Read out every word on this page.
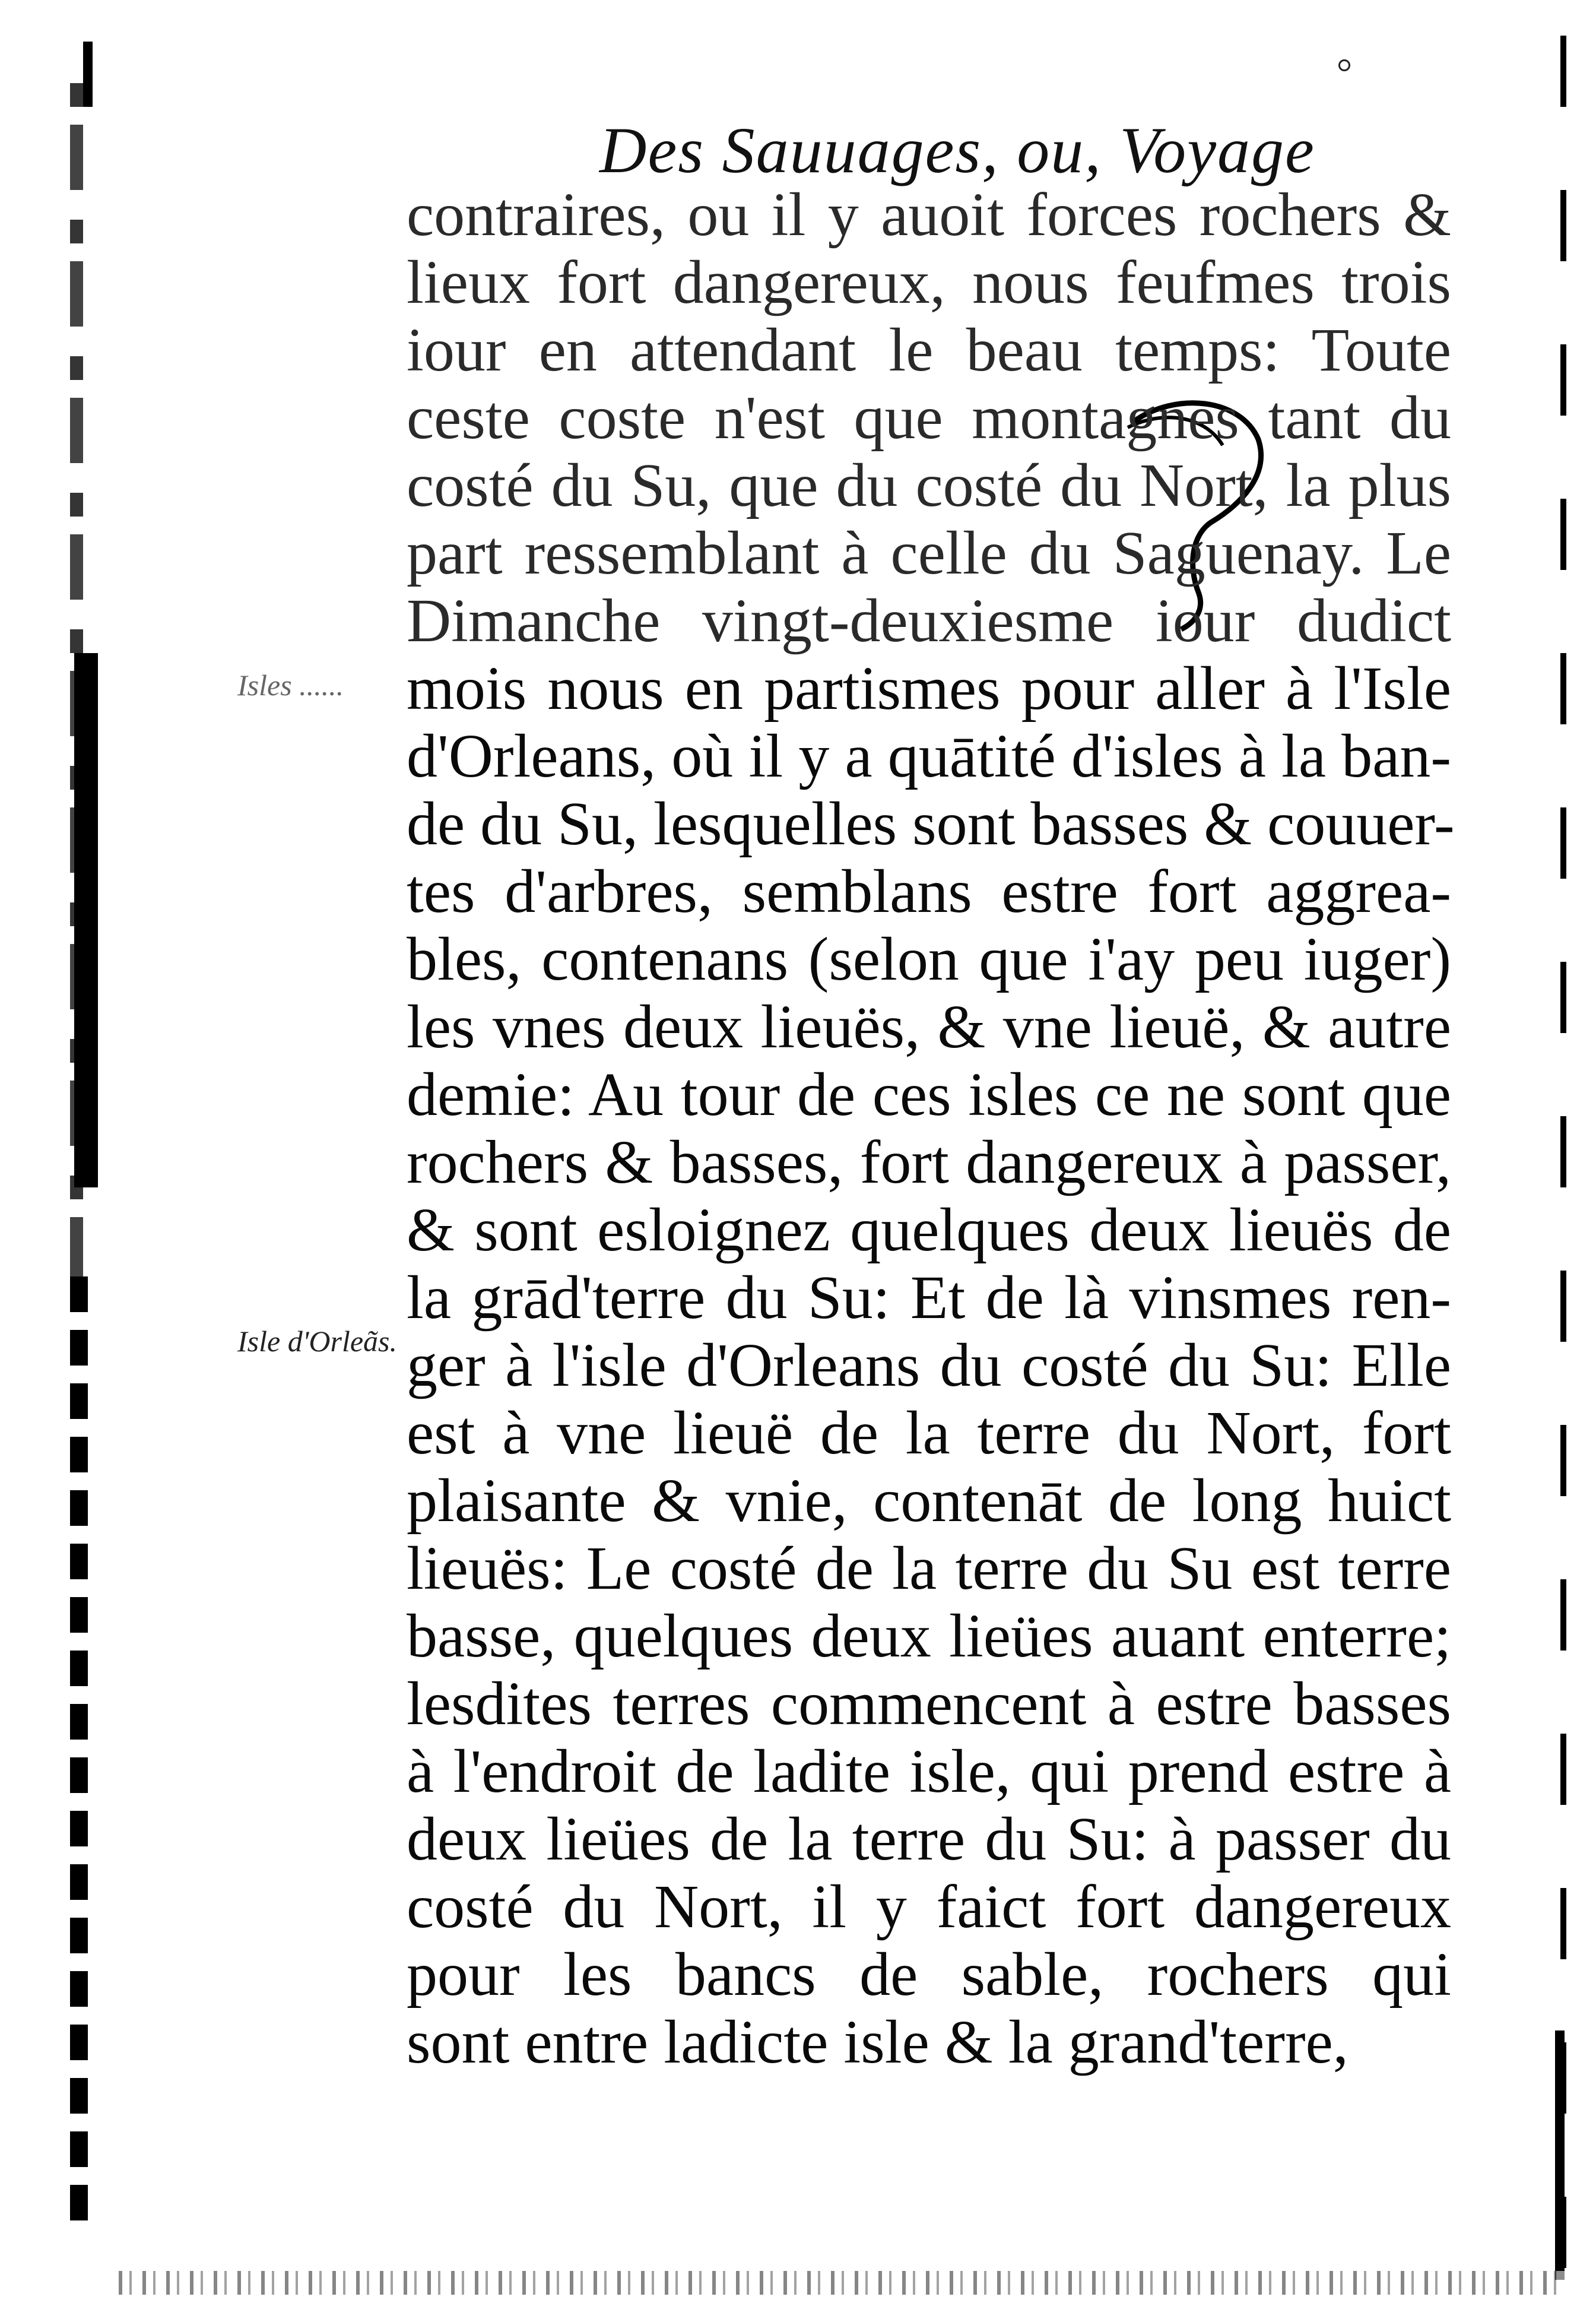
Des Sauuages, ou, Voyage
Isles ......
Isle d'Orleãs.
contraires, ou il y auoit forces rochers &
lieux fort dangereux, nous feufmes trois
iour en attendant le beau temps: Toute
ceste coste n'est que montagnes tant du
costé du Su, que du costé du Nort, la plus
part ressemblant à celle du Saguenay. Le
Dimanche vingt-deuxiesme iour dudict
mois nous en partismes pour aller à l'Isle
d'Orleans, où il y a quātité d'isles à la ban-
de du Su, lesquelles sont basses & couuer-
tes d'arbres, semblans estre fort aggrea-
bles, contenans (selon que i'ay peu iuger)
les vnes deux lieuës, & vne lieuë, & autre
demie: Au tour de ces isles ce ne sont que
rochers & basses, fort dangereux à passer,
& sont esloignez quelques deux lieuës de
la grād'terre du Su: Et de là vinsmes ren-
ger à l'isle d'Orleans du costé du Su: Elle
est à vne lieuë de la terre du Nort, fort
plaisante & vnie, contenāt de long huict
lieuës: Le costé de la terre du Su est terre
basse, quelques deux lieües auant enterre;
lesdites terres commencent à estre basses
à l'endroit de ladite isle, qui prend estre à
deux lieües de la terre du Su: à passer du
costé du Nort, il y faict fort dangereux
pour les bancs de sable, rochers qui
sont entre ladicte isle & la grand'terre,
